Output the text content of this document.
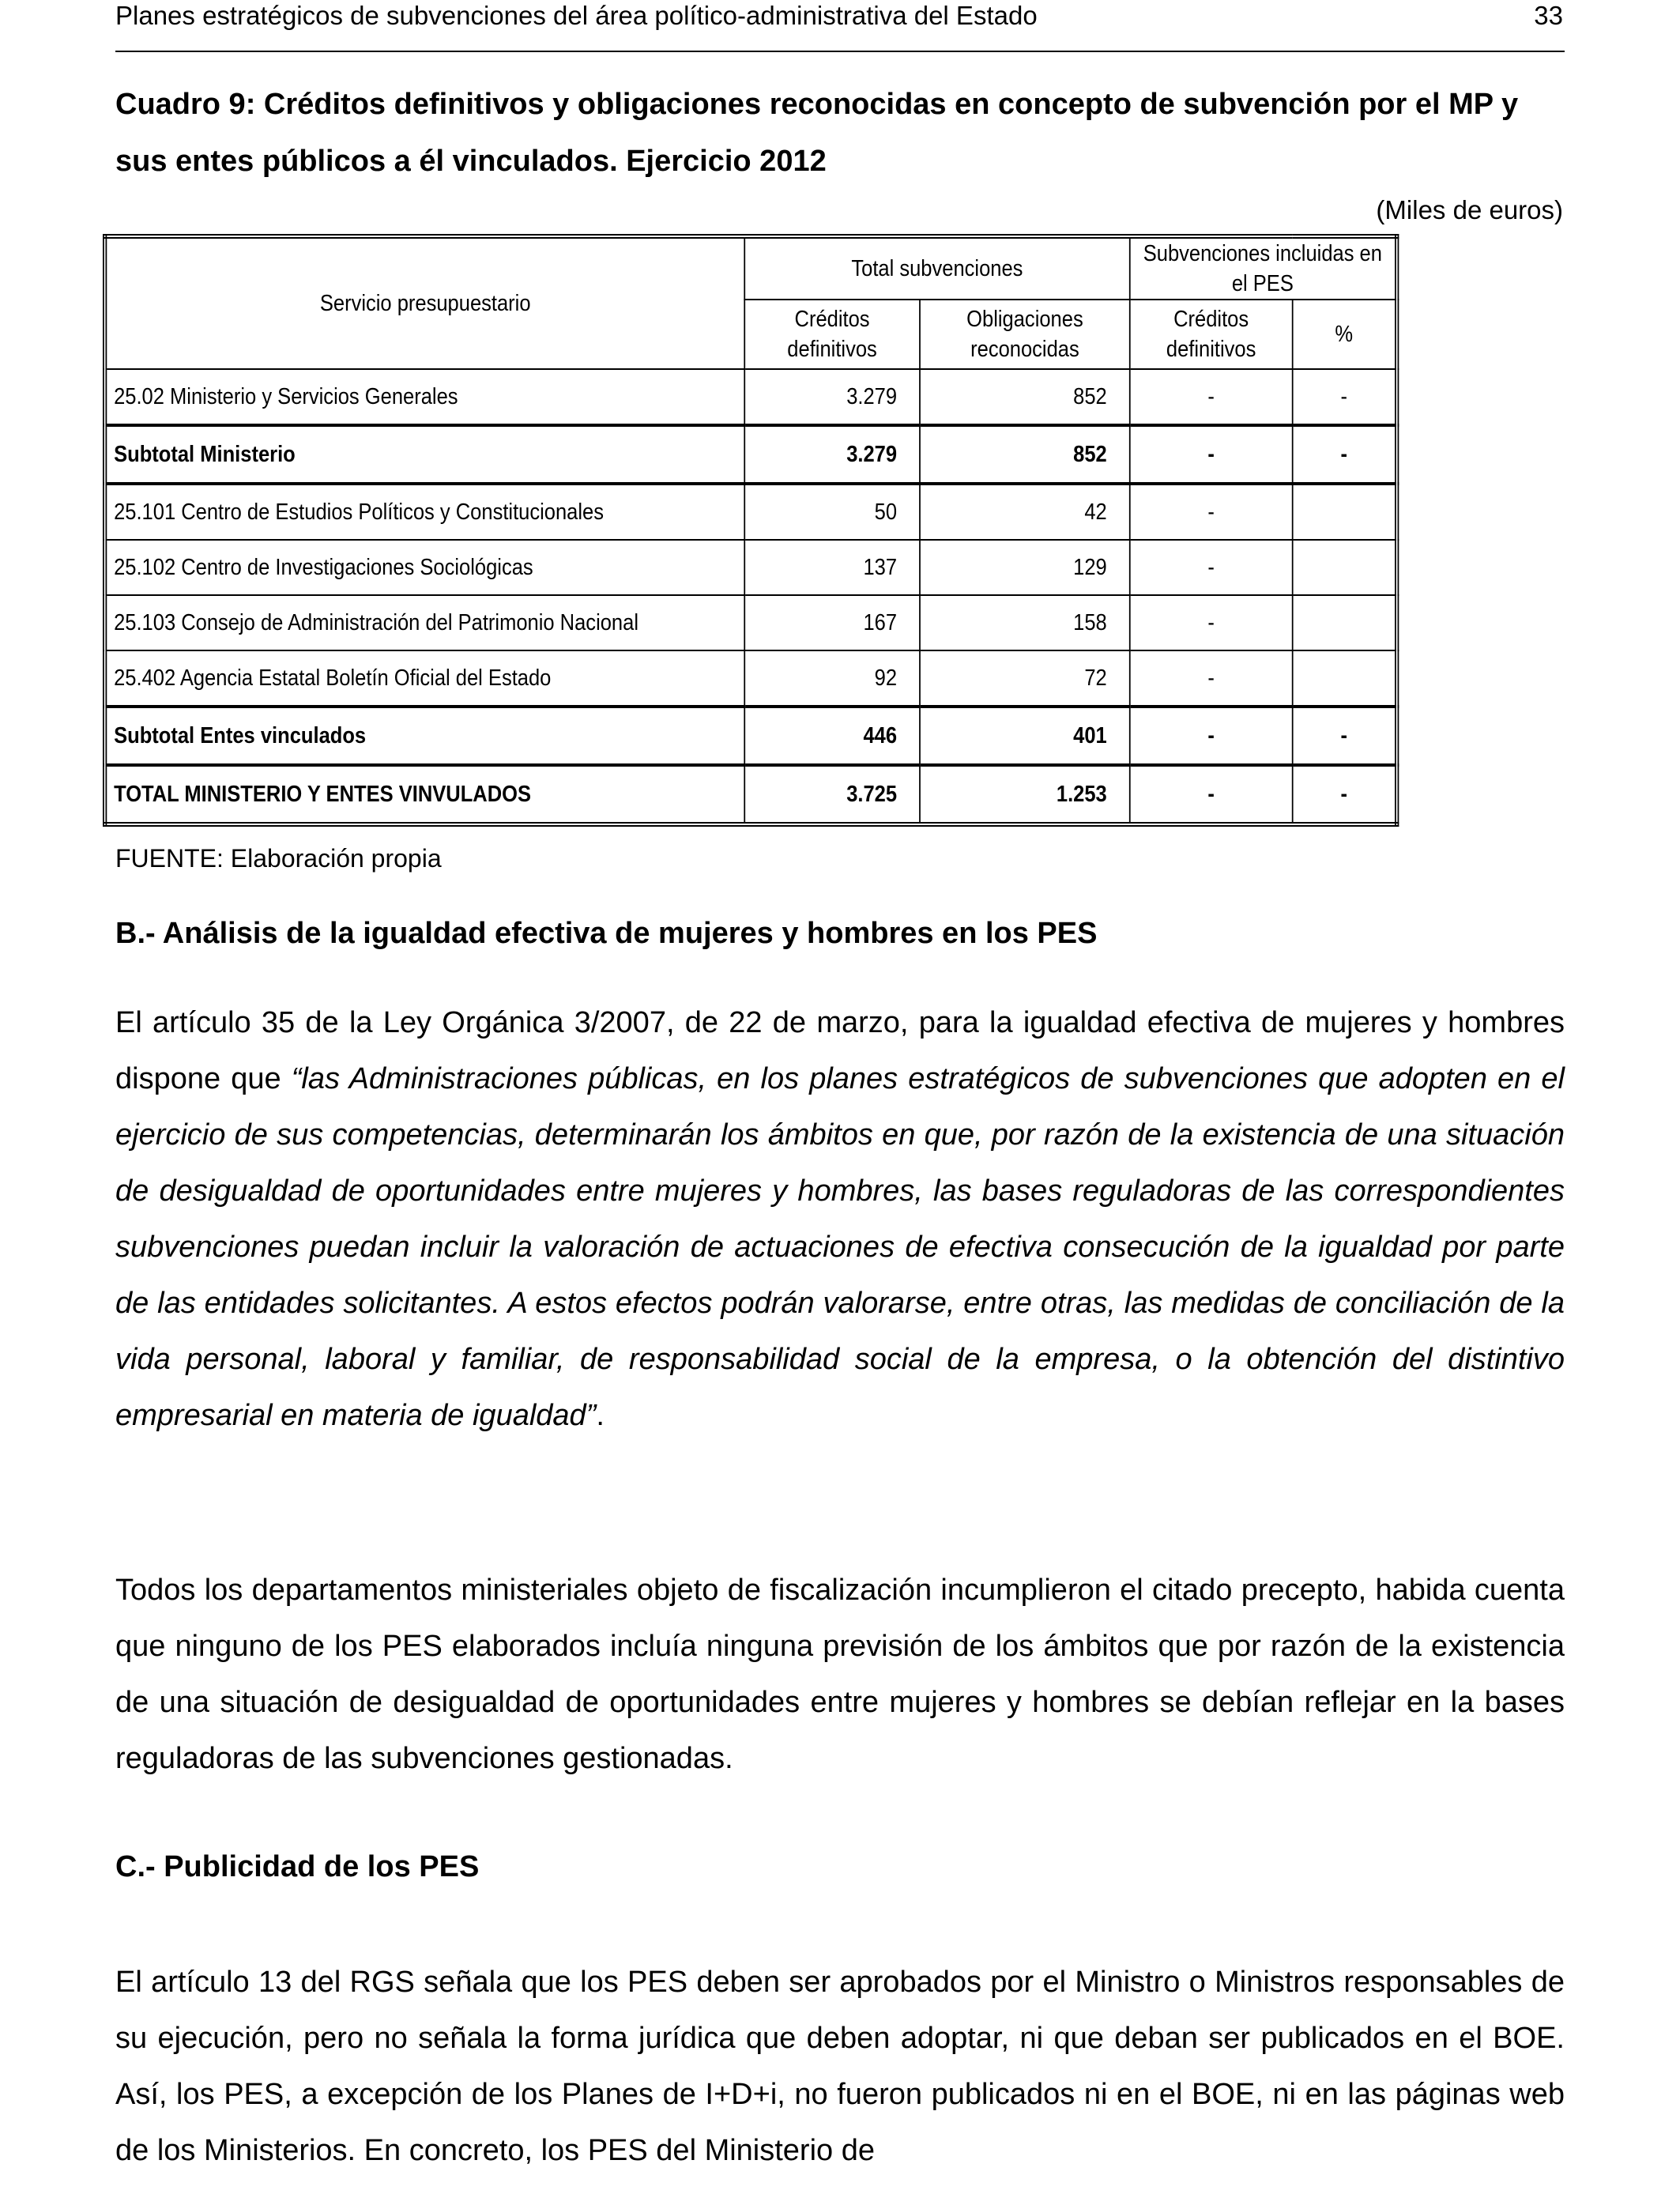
Planes estratégicos de subvenciones del área político-administrativa del Estado	33
Cuadro 9: Créditos definitivos y obligaciones reconocidas en concepto de subvención por el MP y sus entes públicos a él vinculados. Ejercicio 2012
(Miles de euros)
Servicio presupuestario	Total subvenciones		Subvenciones incluidas en el PES	
	Créditos definitivos	Obligaciones reconocidas	Créditos definitivos	%
25.02 Ministerio y Servicios Generales	3.279	852	-	-
Subtotal Ministerio	3.279	852	-	-
25.101 Centro de Estudios Políticos y Constitucionales	50	42	-	
25.102 Centro de Investigaciones Sociológicas	137	129	-	
25.103 Consejo de Administración del Patrimonio Nacional	167	158	-	
25.402 Agencia Estatal Boletín Oficial del Estado	92	72	-	
Subtotal Entes vinculados	446	401	-	-
TOTAL MINISTERIO Y ENTES VINVULADOS	3.725	1.253	-	-
FUENTE: Elaboración propia
B.- Análisis de la igualdad efectiva de mujeres y hombres en los PES

El artículo 35 de la Ley Orgánica 3/2007, de 22 de marzo, para la igualdad efectiva de mujeres y hombres dispone que “las Administraciones públicas, en los planes estratégicos de subvenciones que adopten en el ejercicio de sus competencias, determinarán los ámbitos en que, por razón de la existencia de una situación de desigualdad de oportunidades entre mujeres y hombres, las bases reguladoras de las correspondientes subvenciones puedan incluir la valoración de actuaciones de efectiva consecución de la igualdad por parte de las entidades solicitantes. A estos efectos podrán valorarse, entre otras, las medidas de conciliación de la vida personal, laboral y familiar, de responsabilidad social de la empresa, o la obtención del distintivo empresarial en materia de igualdad”.

Todos los departamentos ministeriales objeto de fiscalización incumplieron el citado precepto, habida cuenta que ninguno de los PES elaborados incluía ninguna previsión de los ámbitos que por razón de la existencia de una situación de desigualdad de oportunidades entre mujeres y hombres se debían reflejar en la bases reguladoras de las subvenciones gestionadas.

C.- Publicidad de los PES

El artículo 13 del RGS señala que los PES deben ser aprobados por el Ministro o Ministros responsables de su ejecución, pero no señala la forma jurídica que deben adoptar, ni que deban ser publicados en el BOE. Así, los PES, a excepción de los Planes de I+D+i, no fueron publicados ni en el BOE, ni en las páginas web de los Ministerios. En concreto, los PES del Ministerio de
